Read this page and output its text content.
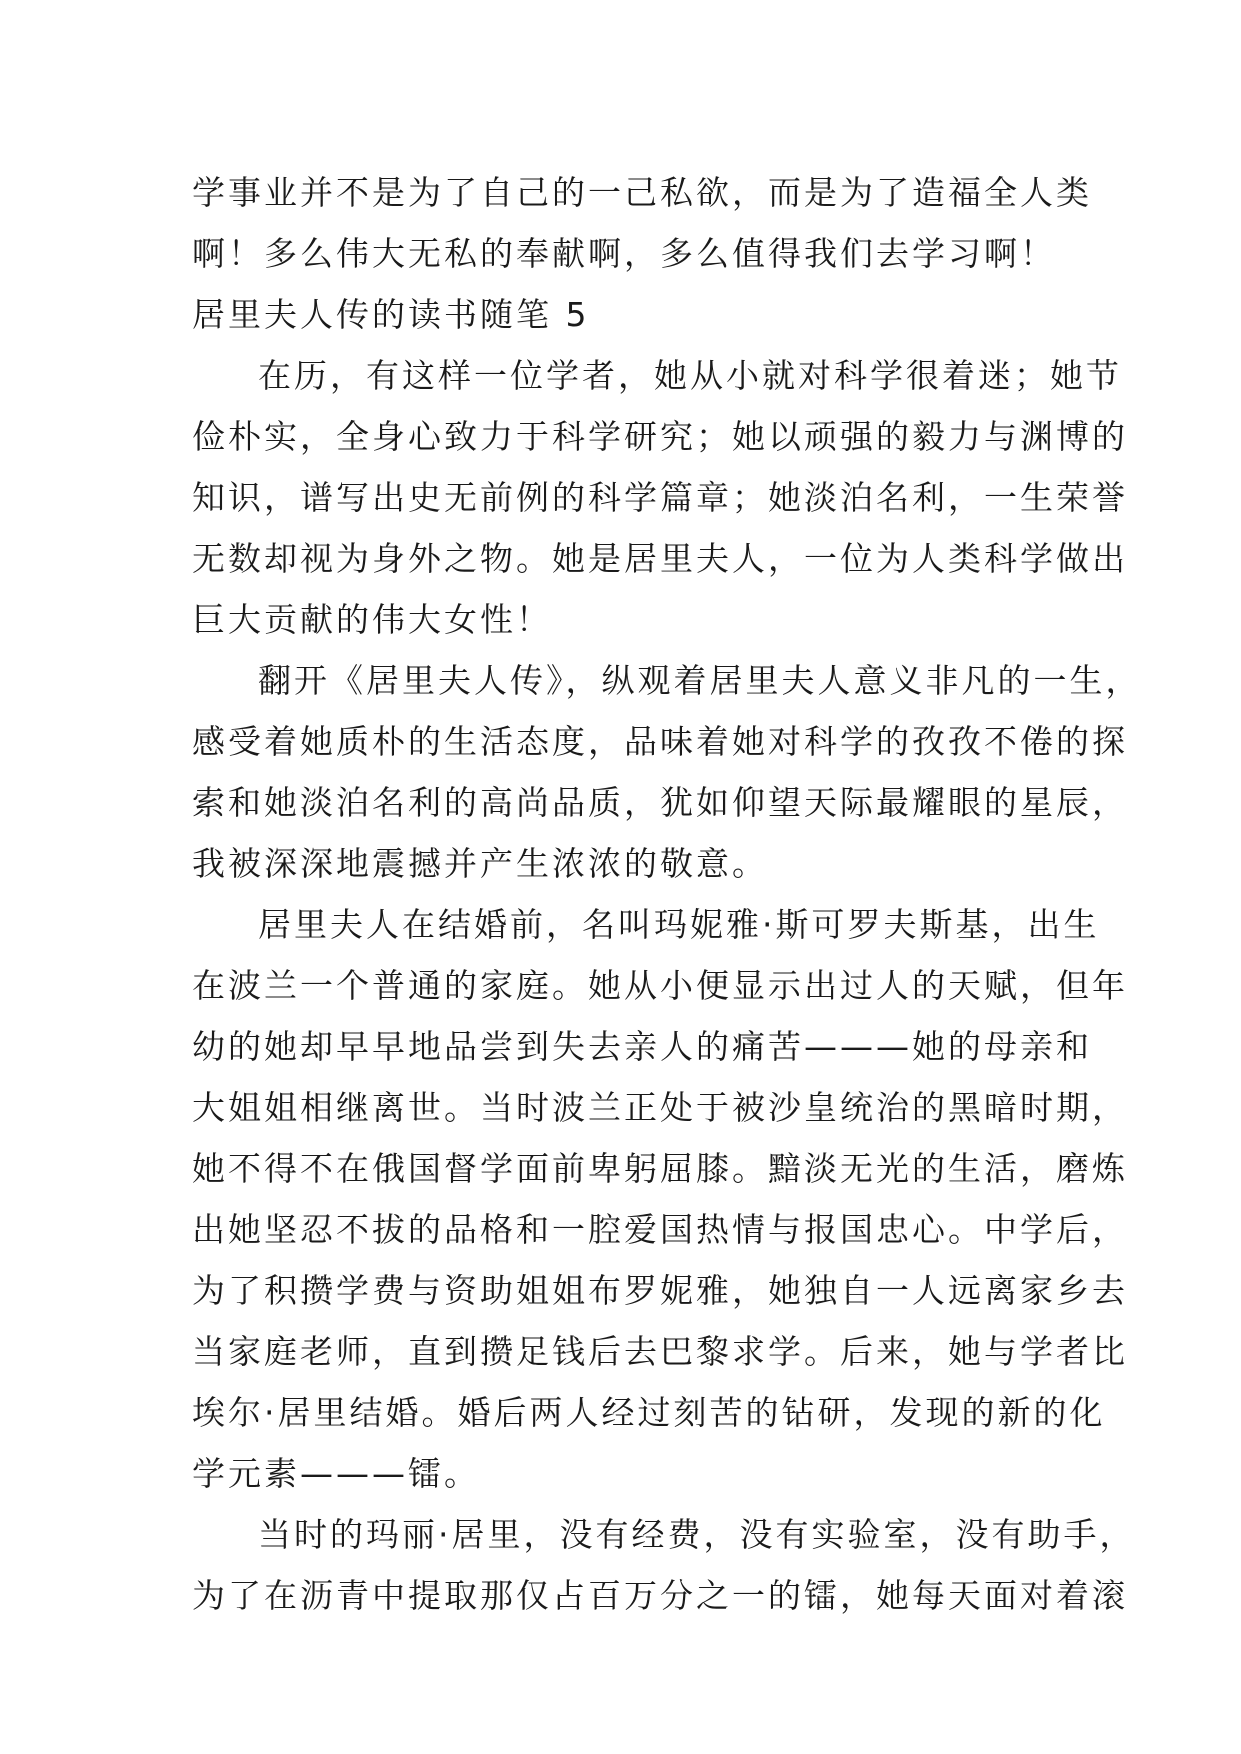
学事业并不是为了自己的一己私欲，而是为了造福全人类
啊！多么伟大无私的奉献啊，多么值得我们去学习啊！
居里夫人传的读书随笔 5
在历，有这样一位学者，她从小就对科学很着迷；她节
俭朴实，全身心致力于科学研究；她以顽强的毅力与渊博的
知识，谱写出史无前例的科学篇章；她淡泊名利，一生荣誉
无数却视为身外之物。她是居里夫人，一位为人类科学做出
巨大贡献的伟大女性！
翻开《居里夫人传》，纵观着居里夫人意义非凡的一生，
感受着她质朴的生活态度，品味着她对科学的孜孜不倦的探
索和她淡泊名利的高尚品质，犹如仰望天际最耀眼的星辰，
我被深深地震撼并产生浓浓的敬意。
居里夫人在结婚前，名叫玛妮雅·斯可罗夫斯基，出生
在波兰一个普通的家庭。她从小便显示出过人的天赋，但年
幼的她却早早地品尝到失去亲人的痛苦———她的母亲和
大姐姐相继离世。当时波兰正处于被沙皇统治的黑暗时期，
她不得不在俄国督学面前卑躬屈膝。黯淡无光的生活，磨炼
出她坚忍不拔的品格和一腔爱国热情与报国忠心。中学后，
为了积攒学费与资助姐姐布罗妮雅，她独自一人远离家乡去
当家庭老师，直到攒足钱后去巴黎求学。后来，她与学者比
埃尔·居里结婚。婚后两人经过刻苦的钻研，发现的新的化
学元素———镭。
当时的玛丽·居里，没有经费，没有实验室，没有助手，
为了在沥青中提取那仅占百万分之一的镭，她每天面对着滚
